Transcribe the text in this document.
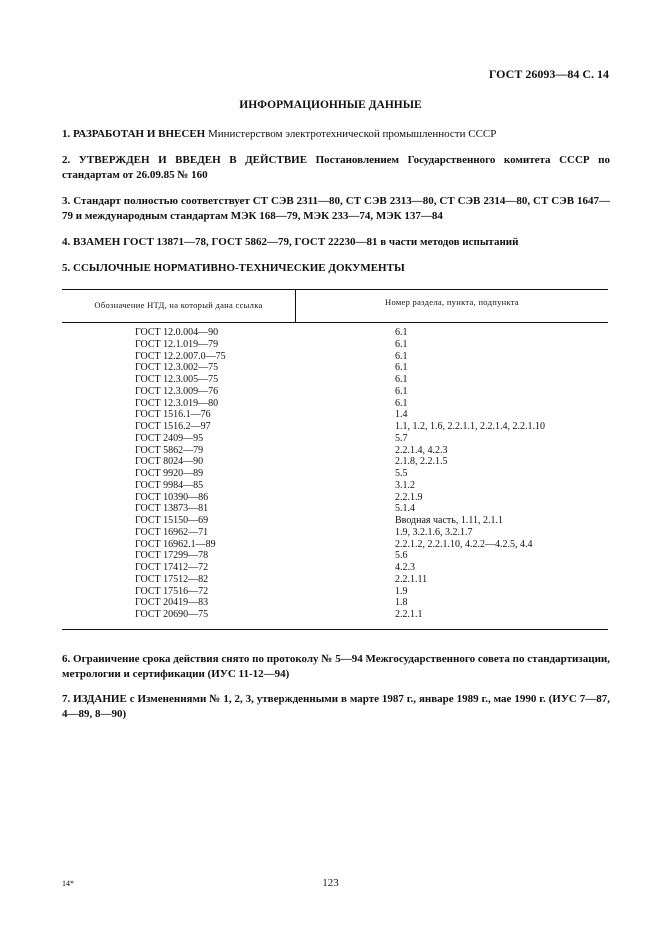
ГОСТ 26093—84 С. 14
ИНФОРМАЦИОННЫЕ ДАННЫЕ
1. РАЗРАБОТАН И ВНЕСЕН Министерством электротехнической промышленности СССР
2. УТВЕРЖДЕН И ВВЕДЕН В ДЕЙСТВИЕ Постановлением Государственного комитета СССР по стандартам от 26.09.85 № 160
3. Стандарт полностью соответствует СТ СЭВ 2311—80, СТ СЭВ 2313—80, СТ СЭВ 2314—80, СТ СЭВ 1647—79 и международным стандартам МЭК 168—79, МЭК 233—74, МЭК 137—84
4. ВЗАМЕН ГОСТ 13871—78, ГОСТ 5862—79, ГОСТ 22230—81 в части методов испытаний
5. ССЫЛОЧНЫЕ НОРМАТИВНО-ТЕХНИЧЕСКИЕ ДОКУМЕНТЫ
Обозначение НТД, на который дана ссылка	Номер раздела, пункта, подпункта
ГОСТ 12.0.004—90	6.1
ГОСТ 12.1.019—79	6.1
ГОСТ 12.2.007.0—75	6.1
ГОСТ 12.3.002—75	6.1
ГОСТ 12.3.005—75	6.1
ГОСТ 12.3.009—76	6.1
ГОСТ 12.3.019—80	6.1
ГОСТ 1516.1—76	1.4
ГОСТ 1516.2—97	1.1, 1.2, 1.6, 2.2.1.1, 2.2.1.4, 2.2.1.10
ГОСТ 2409—95	5.7
ГОСТ 5862—79	2.2.1.4, 4.2.3
ГОСТ 8024—90	2.1.8, 2.2.1.5
ГОСТ 9920—89	5.5
ГОСТ 9984—85	3.1.2
ГОСТ 10390—86	2.2.1.9
ГОСТ 13873—81	5.1.4
ГОСТ 15150—69	Вводная часть, 1.11, 2.1.1
ГОСТ 16962—71	1.9, 3.2.1.6, 3.2.1.7
ГОСТ 16962.1—89	2.2.1.2, 2.2.1.10, 4.2.2—4.2.5, 4.4
ГОСТ 17299—78	5.6
ГОСТ 17412—72	4.2.3
ГОСТ 17512—82	2.2.1.11
ГОСТ 17516—72	1.9
ГОСТ 20419—83	1.8
ГОСТ 20690—75	2.2.1.1
6. Ограничение срока действия снято по протоколу № 5—94 Межгосударственного совета по стандартизации, метрологии и сертификации (ИУС 11-12—94)
7. ИЗДАНИЕ с Изменениями № 1, 2, 3, утвержденными в марте 1987 г., январе 1989 г., мае 1990 г. (ИУС 7—87, 4—89, 8—90)
14*	123
